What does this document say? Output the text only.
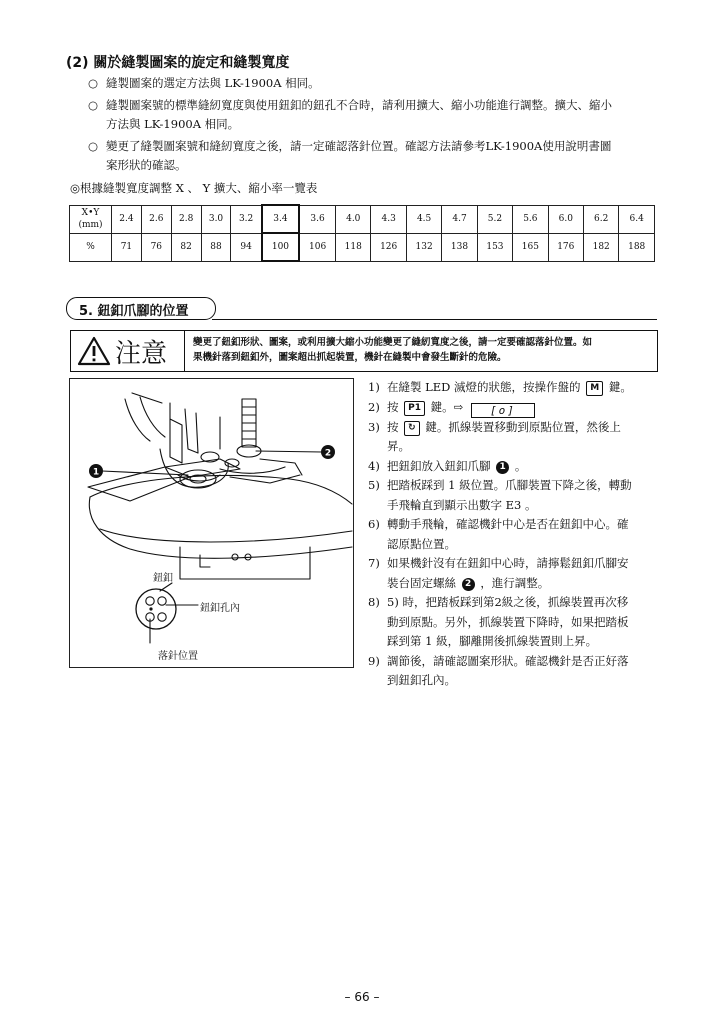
(2) 關於縫製圖案的旋定和縫製寬度
○ 縫製圖案的選定方法與 LK-1900A 相同。
○ 縫製圖案號的標準縫紉寬度與使用鈕釦的鈕孔不合時，請利用擴大、縮小功能進行調整。擴大、縮小
方法與 LK-1900A 相同。
○ 變更了縫製圖案號和縫紉寬度之後，請一定確認落針位置。確認方法請參考LK-1900A使用說明書圖
案形狀的確認。
◎根據縫製寬度調整 X 、 Y 擴大、縮小率一覽表
X•Y
(mm)	2.4	2.6	2.8	3.0	3.2	3.4	3.6	4.0	4.3	4.5	4.7	5.2	5.6	6.0	6.2	6.4
%	71	76	82	88	94	100	106	118	126	132	138	153	165	176	182	188
5. 鈕釦爪腳的位置
注意	變更了鈕釦形狀、圖案，或利用擴大縮小功能變更了縫紉寬度之後，請一定要確認落針位置。如
果機針落到鈕釦外，圖案超出抓起裝置，機針在縫製中會發生斷針的危險。
1
2
鈕釦
鈕釦孔內
落針位置
1) 在縫製 LED 滅燈的狀態，按操作盤的 M 鍵。
2) 按 P1 鍵。⇨ [o]
3) 按 ↻ 鍵。抓線裝置移動到原點位置，然後上
昇。
4) 把鈕釦放入鈕釦爪腳 1 。
5) 把踏板踩到 1 級位置。爪腳裝置下降之後，轉動
手飛輪直到顯示出數字 E3 。
6) 轉動手飛輪，確認機針中心是否在鈕釦中心。確
認原點位置。
7) 如果機針沒有在鈕釦中心時，請擰鬆鈕釦爪腳安
裝台固定螺絲 2 ，進行調整。
8) 5) 時，把踏板踩到第2級之後，抓線裝置再次移
動到原點。另外，抓線裝置下降時，如果把踏板
踩到第 1 級，腳離開後抓線裝置則上昇。
9) 調節後，請確認圖案形狀。確認機針是否正好落
到鈕釦孔內。
– 66 –
